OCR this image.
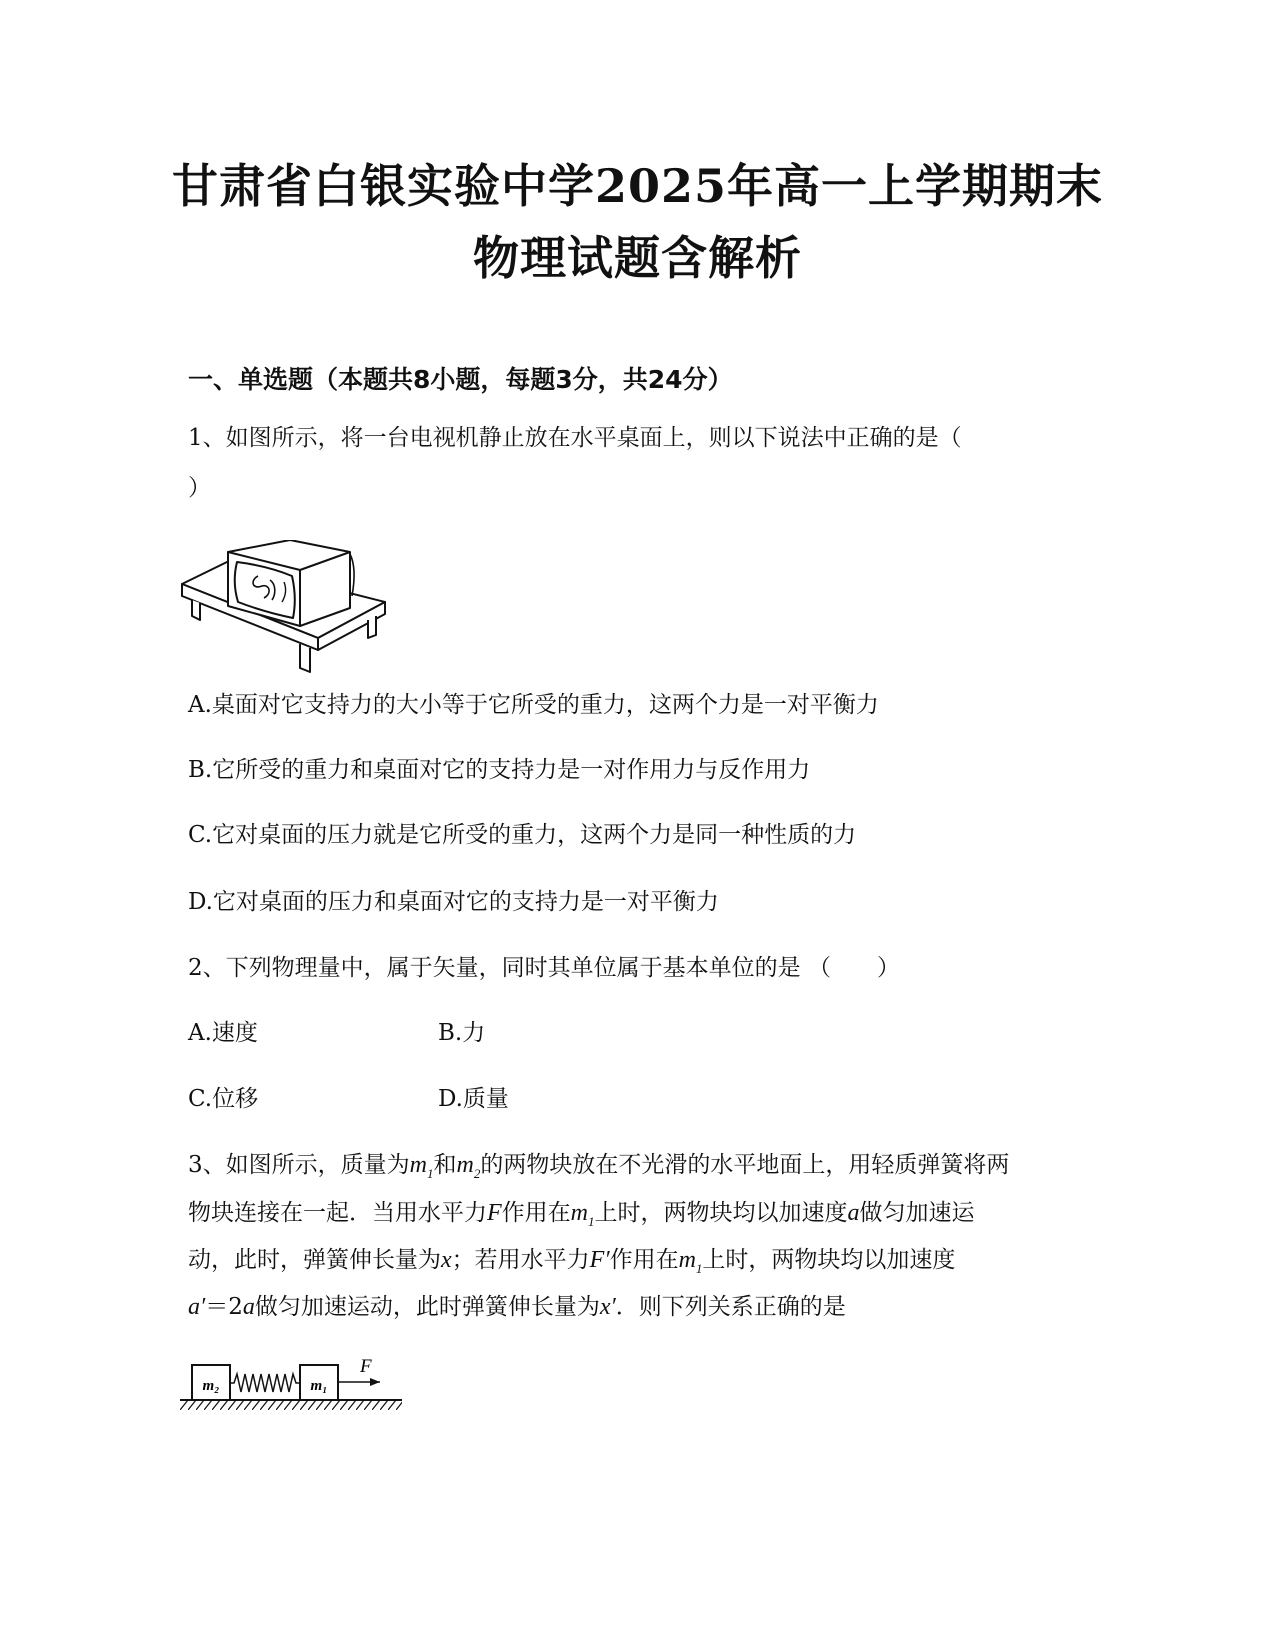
甘肃省白银实验中学2025年高一上学期期末
物理试题含解析
一、单选题（本题共8小题，每题3分，共24分）
1、如图所示，将一台电视机静止放在水平桌面上，则以下说法中正确的是（
）
A.桌面对它支持力的大小等于它所受的重力，这两个力是一对平衡力
B.它所受的重力和桌面对它的支持力是一对作用力与反作用力
C.它对桌面的压力就是它所受的重力，这两个力是同一种性质的力
D.它对桌面的压力和桌面对它的支持力是一对平衡力
2、下列物理量中，属于矢量，同时其单位属于基本单位的是 （　　）
A.速度	B.力
C.位移	D.质量
3、如图所示，质量为$m_1$和$m_2$的两物块放在不光滑的水平地面上，用轻质弹簧将两
物块连接在一起．当用水平力F作用在$m_1$上时，两物块均以加速度a做匀加速运
动，此时，弹簧伸长量为x；若用水平力F′作用在$m_1$上时，两物块均以加速度
a′＝2a做匀加速运动，此时弹簧伸长量为x′．则下列关系正确的是
m₂	m₁
F
